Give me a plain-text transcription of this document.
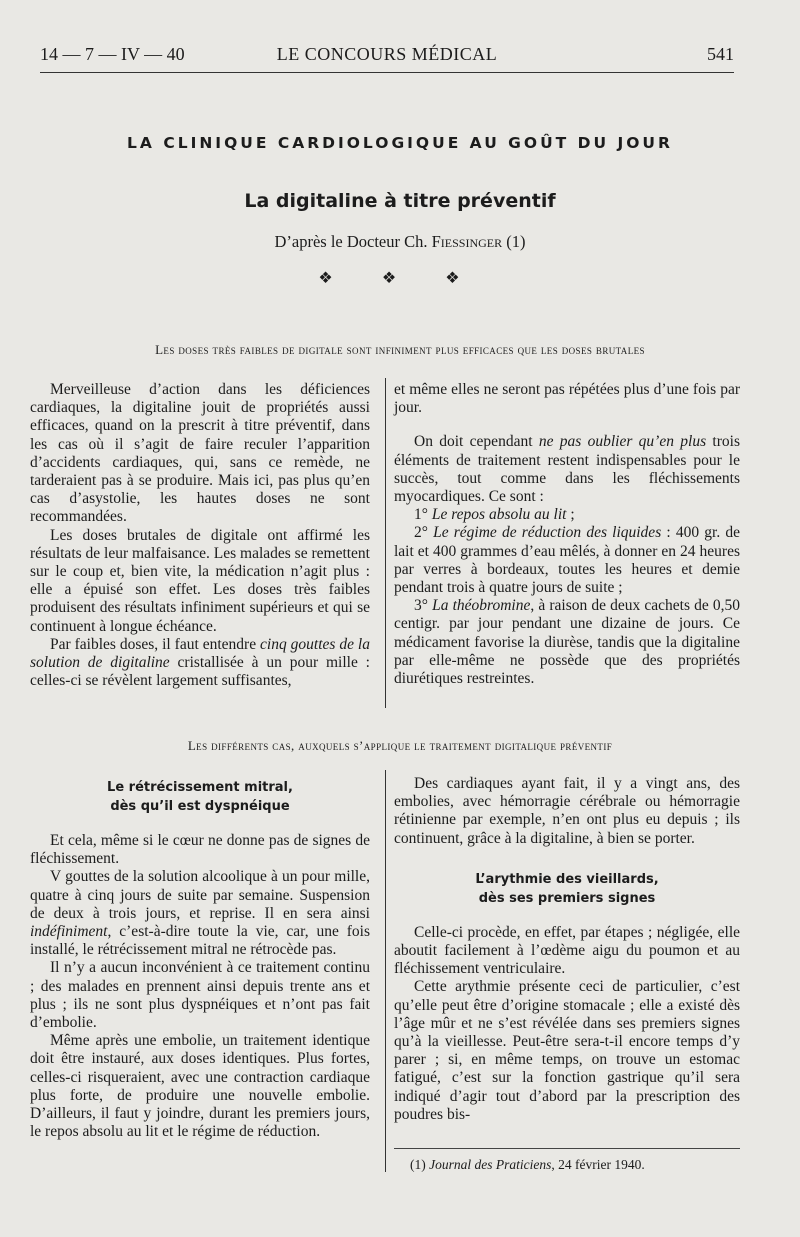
14 — 7 — IV — 40	LE CONCOURS MÉDICAL	541
LA CLINIQUE CARDIOLOGIQUE AU GOÛT DU JOUR
La digitaline à titre préventif
D’après le Docteur Ch. Fiessinger (1)
❖ ❖ ❖
Les doses très faibles de digitale sont infiniment plus efficaces que les doses brutales

Merveilleuse d’action dans les déficiences cardiaques, la digitaline jouit de propriétés aussi efficaces, quand on la prescrit à titre préventif, dans les cas où il s’agit de faire reculer l’apparition d’accidents cardiaques, qui, sans ce remède, ne tarderaient pas à se produire. Mais ici, pas plus qu’en cas d’asystolie, les hautes doses ne sont recommandées.

Les doses brutales de digitale ont affirmé les résultats de leur malfaisance. Les malades se remettent sur le coup et, bien vite, la médication n’agit plus : elle a épuisé son effet. Les doses très faibles produisent des résultats infiniment supérieurs et qui se continuent à longue échéance.

Par faibles doses, il faut entendre cinq gouttes de la solution de digitaline cristallisée à un pour mille : celles-ci se révèlent largement suffisantes,

et même elles ne seront pas répétées plus d’une fois par jour.

On doit cependant ne pas oublier qu’en plus trois éléments de traitement restent indispensables pour le succès, tout comme dans les fléchissements myocardiques. Ce sont :

1° Le repos absolu au lit ;

2° Le régime de réduction des liquides : 400 gr. de lait et 400 grammes d’eau mêlés, à donner en 24 heures par verres à bordeaux, toutes les heures et demie pendant trois à quatre jours de suite ;

3° La théobromine, à raison de deux cachets de 0,50 centigr. par jour pendant une dizaine de jours. Ce médicament favorise la diurèse, tandis que la digitaline par elle-même ne possède que des propriétés diurétiques restreintes.

Les différents cas, auxquels s’applique le traitement digitalique préventif
Le rétrécissement mitral,
dès qu’il est dyspnéique

Et cela, même si le cœur ne donne pas de signes de fléchissement.

V gouttes de la solution alcoolique à un pour mille, quatre à cinq jours de suite par semaine. Suspension de deux à trois jours, et reprise. Il en sera ainsi indéfiniment, c’est-à-dire toute la vie, car, une fois installé, le rétrécissement mitral ne rétrocède pas.

Il n’y a aucun inconvénient à ce traitement continu ; des malades en prennent ainsi depuis trente ans et plus ; ils ne sont plus dyspnéiques et n’ont pas fait d’embolie.

Même après une embolie, un traitement identique doit être instauré, aux doses identiques. Plus fortes, celles-ci risqueraient, avec une contraction cardiaque plus forte, de produire une nouvelle embolie. D’ailleurs, il faut y joindre, durant les premiers jours, le repos absolu au lit et le régime de réduction.

Des cardiaques ayant fait, il y a vingt ans, des embolies, avec hémorragie cérébrale ou hémorragie rétinienne par exemple, n’en ont plus eu depuis ; ils continuent, grâce à la digitaline, à bien se porter.

L’arythmie des vieillards,
dès ses premiers signes

Celle-ci procède, en effet, par étapes ; négligée, elle aboutit facilement à l’œdème aigu du poumon et au fléchissement ventriculaire.

Cette arythmie présente ceci de particulier, c’est qu’elle peut être d’origine stomacale ; elle a existé dès l’âge mûr et ne s’est révélée dans ses premiers signes qu’à la vieillesse. Peut-être sera-t-il encore temps d’y parer ; si, en même temps, on trouve un estomac fatigué, c’est sur la fonction gastrique qu’il sera indiqué d’agir tout d’abord par la prescription des poudres bis-

(1) Journal des Praticiens, 24 février 1940.
